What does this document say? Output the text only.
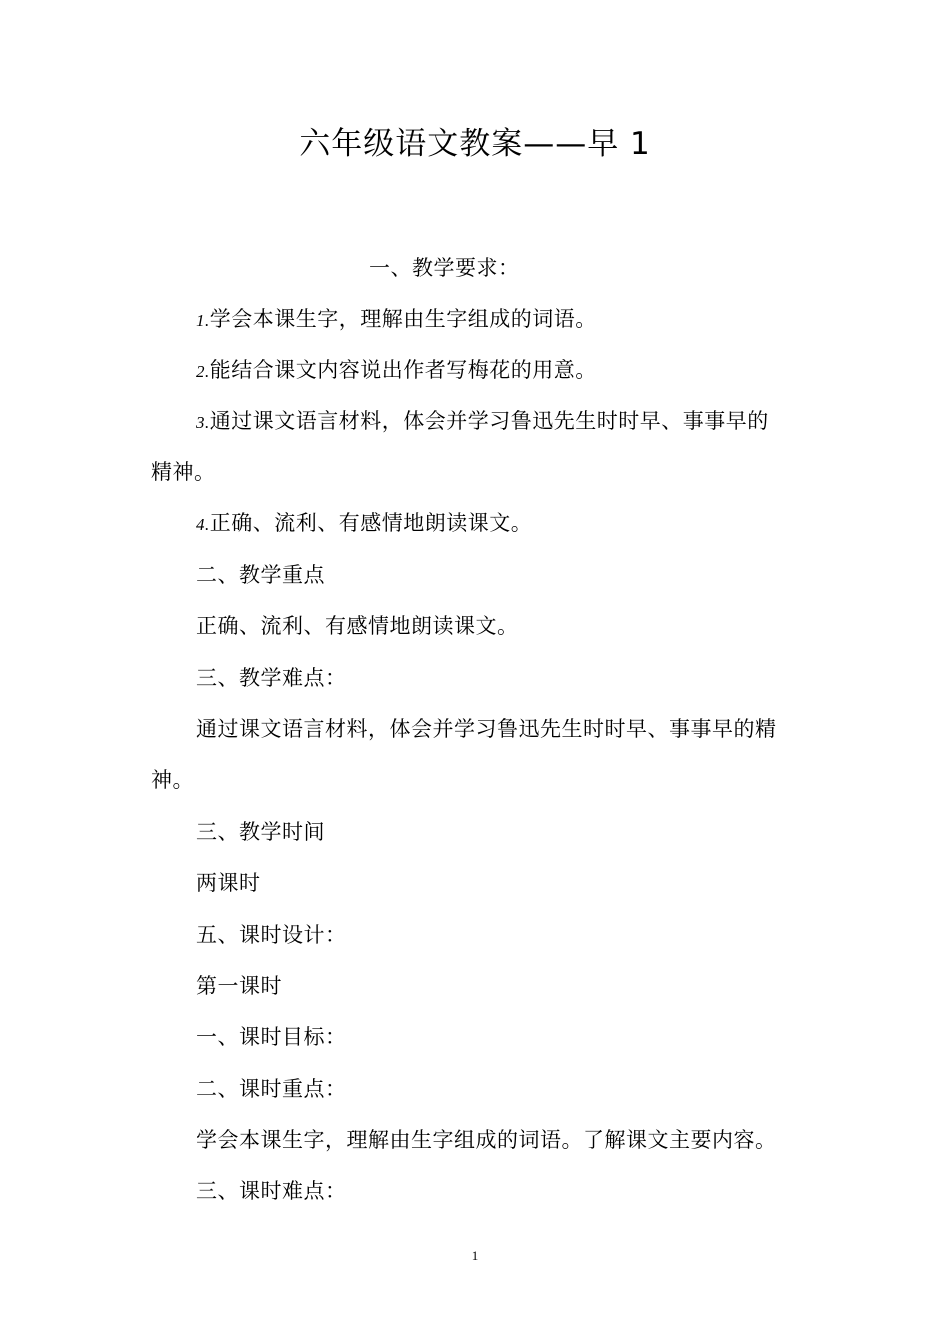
六年级语文教案——早 1
一、教学要求：
1.学会本课生字，理解由生字组成的词语。
2.能结合课文内容说出作者写梅花的用意。
3.通过课文语言材料，体会并学习鲁迅先生时时早、事事早的
精神。
4.正确、流利、有感情地朗读课文。
二、教学重点
正确、流利、有感情地朗读课文。
三、教学难点：
通过课文语言材料，体会并学习鲁迅先生时时早、事事早的精
神。
三、教学时间
两课时
五、课时设计：
第一课时
一、课时目标：
二、课时重点：
学会本课生字，理解由生字组成的词语。了解课文主要内容。
三、课时难点：
1
